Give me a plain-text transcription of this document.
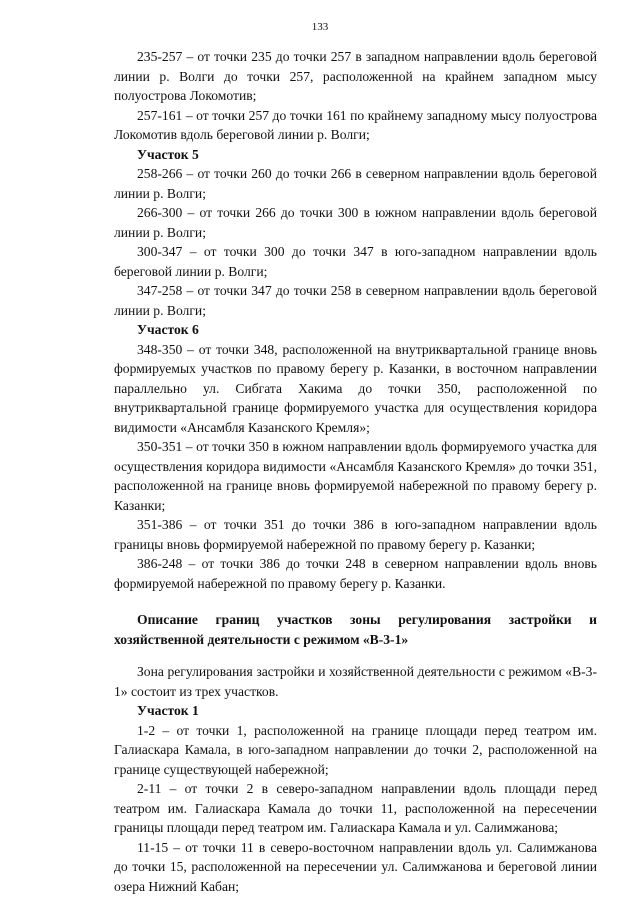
133

235-257 – от точки 235 до точки 257 в западном направлении вдоль береговой линии р. Волги до точки 257, расположенной на крайнем западном мысу полуострова Локомотив;

257-161 – от точки 257 до точки 161 по крайнему западному мысу полуострова Локомотив вдоль береговой линии р. Волги;

Участок 5

258-266 – от точки 260 до точки 266 в северном направлении вдоль береговой линии р. Волги;

266-300 – от точки 266 до точки 300 в южном направлении вдоль береговой линии р. Волги;

300-347 – от точки 300 до точки 347 в юго-западном направлении вдоль береговой линии р. Волги;

347-258 – от точки 347 до точки 258 в северном направлении вдоль береговой линии р. Волги;

Участок 6

348-350 – от точки 348, расположенной на внутриквартальной границе вновь формируемых участков по правому берегу р. Казанки, в восточном направлении параллельно ул. Сибгата Хакима до точки 350, расположенной по внутриквартальной границе формируемого участка для осуществления коридора видимости «Ансамбля Казанского Кремля»;

350-351 – от точки 350 в южном направлении вдоль формируемого участка для осуществления коридора видимости «Ансамбля Казанского Кремля» до точки 351, расположенной на границе вновь формируемой набережной по правому берегу р. Казанки;

351-386 – от точки 351 до точки 386 в юго-западном направлении вдоль границы вновь формируемой набережной по правому берегу р. Казанки;

386-248 – от точки 386 до точки 248 в северном направлении вдоль вновь формируемой набережной по правому берегу р. Казанки.

Описание границ участков зоны регулирования застройки и хозяйственной деятельности с режимом «В-3-1»

Зона регулирования застройки и хозяйственной деятельности с режимом «В-3-1» состоит из трех участков.

Участок 1

1-2 – от точки 1, расположенной на границе площади перед театром им. Галиаскара Камала, в юго-западном направлении до точки 2, расположенной на границе существующей набережной;

2-11 – от точки 2 в северо-западном направлении вдоль площади перед театром им. Галиаскара Камала до точки 11, расположенной на пересечении границы площади перед театром им. Галиаскара Камала и ул. Салимжанова;

11-15 – от точки 11 в северо-восточном направлении вдоль ул. Салимжанова до точки 15, расположенной на пересечении ул. Салимжанова и береговой линии озера Нижний Кабан;
